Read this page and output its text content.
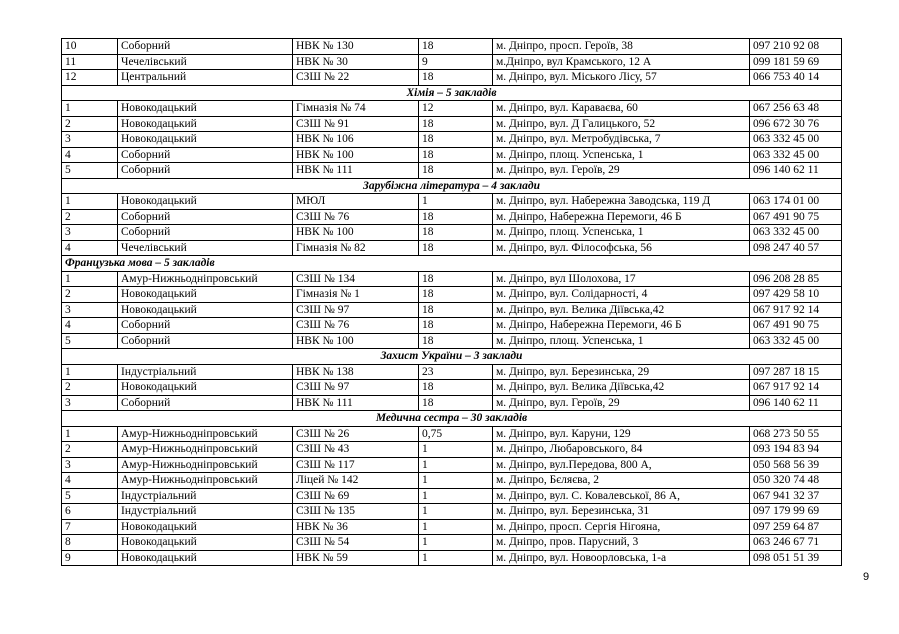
10	Соборний	НВК № 130	18	м. Дніпро, просп. Героїв, 38	097 210 92 08
11	Чечелівський	НВК № 30	9	м.Дніпро, вул Крамського, 12 А	099 181 59 69
12	Центральний	СЗШ № 22	18	м. Дніпро, вул. Міського Лісу, 57	066 753 40 14
Хімія – 5 закладів					
1	Новокодацький	Гімназія № 74	12	м. Дніпро, вул. Караваєва, 60	067 256 63 48
2	Новокодацький	СЗШ № 91	18	м. Дніпро, вул. Д Галицького, 52	096 672 30 76
3	Новокодацький	НВК № 106	18	м. Дніпро, вул. Метробудівська, 7	063 332 45 00
4	Соборний	НВК № 100	18	м. Дніпро, площ. Успенська, 1	063 332 45 00
5	Соборний	НВК № 111	18	м. Дніпро, вул. Героїв, 29	096 140 62 11
Зарубіжна література – 4 заклади					
1	Новокодацький	МЮЛ	1	м. Дніпро, вул. Набережна Заводська, 119 Д	063 174 01 00
2	Соборний	СЗШ № 76	18	м. Дніпро, Набережна Перемоги, 46 Б	067 491 90 75
3	Соборний	НВК № 100	18	м. Дніпро, площ. Успенська, 1	063 332 45 00
4	Чечелівський	Гімназія № 82	18	м. Дніпро, вул. Філософська, 56	098 247 40 57
Французька мова – 5 закладів					
1	Амур-Нижньодніпровський	СЗШ № 134	18	м. Дніпро, вул Шолохова, 17	096 208 28 85
2	Новокодацький	Гімназія № 1	18	м. Дніпро, вул. Солідарності, 4	097 429 58 10
3	Новокодацький	СЗШ № 97	18	м. Дніпро, вул. Велика Діївська,42	067 917 92 14
4	Соборний	СЗШ № 76	18	м. Дніпро, Набережна Перемоги, 46 Б	067 491 90 75
5	Соборний	НВК № 100	18	м. Дніпро, площ. Успенська, 1	063 332 45 00
Захист України – 3 заклади					
1	Індустріальний	НВК № 138	23	м. Дніпро, вул. Березинська, 29	097 287 18 15
2	Новокодацький	СЗШ № 97	18	м. Дніпро, вул. Велика Діївська,42	067 917 92 14
3	Соборний	НВК № 111	18	м. Дніпро, вул. Героїв, 29	096 140 62 11
Медична сестра – 30 закладів					
1	Амур-Нижньодніпровський	СЗШ № 26	0,75	м. Дніпро, вул. Каруни, 129	068 273 50 55
2	Амур-Нижньодніпровський	СЗШ № 43	1	м. Дніпро, Любаровського, 84	093 194 83 94
3	Амур-Нижньодніпровський	СЗШ № 117	1	м. Дніпро, вул.Передова, 800 А,	050 568 56 39
4	Амур-Нижньодніпровський	Ліцей № 142	1	м. Дніпро, Бєляєва, 2	050 320 74 48
5	Індустріальний	СЗШ № 69	1	м. Дніпро, вул. С. Ковалевської, 86 А,	067 941 32 37
6	Індустріальний	СЗШ № 135	1	м. Дніпро, вул. Березинська, 31	097 179 99 69
7	Новокодацький	НВК № 36	1	м. Дніпро, просп. Сергія Нігояна,	097 259 64 87
8	Новокодацький	СЗШ № 54	1	м. Дніпро, пров. Парусний, 3	063 246 67 71
9	Новокодацький	НВК № 59	1	м. Дніпро, вул. Новоорловська, 1-а	098 051 51 39
9
